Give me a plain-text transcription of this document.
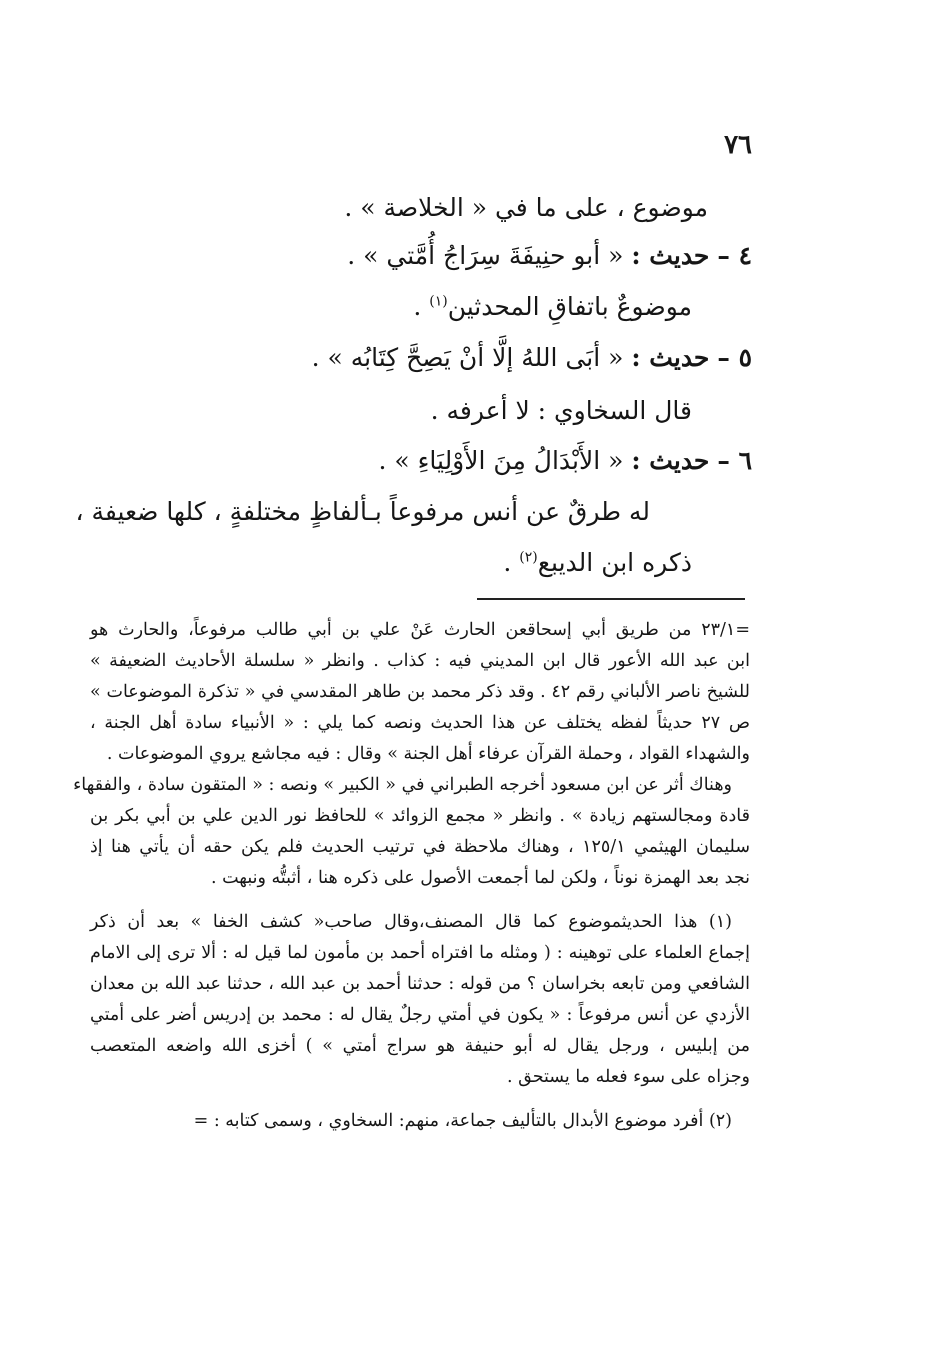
٧٦
موضوع ، على ما في « الخلاصة » .
٤ – حديث : « أبو حنِيفَةَ سِرَاجُ أُمَّتي » .
موضوعٌ باتفاقِ المحدثين$^{(١)}$ .
٥ – حديث : « أبَى اللهُ إلَّا أنْ يَصِحَّ كِتَابُه » .
قال السخاوي : لا أعرفه .
٦ – حديث : « الأَبْدَالُ مِنَ الأَوْلِيَاءِ » .
له طرقٌ عن أنس مرفوعاً بـألفاظٍ مختلفةٍ ، كلها ضعيفة ،
ذكره ابن الديبع$^{(٢)}$ .
=٢٣/١ من طريق أبي إسحاقعن الحارث عَنْ علي بن أبي طالب مرفوعاً، والحارث هو
ابن عبد الله الأعور قال ابن المديني فيه : كذاب . وانظر « سلسلة الأحاديث الضعيفة »
للشيخ ناصر الألباني رقم ٤٢ . وقد ذكر محمد بن طاهر المقدسي في « تذكرة الموضوعات »
ص ٢٧ حديثاً لفظه يختلف عن هذا الحديث ونصه كما يلي : « الأنبياء سادة أهل الجنة ،
والشهداء القواد ، وحملة القرآن عرفاء أهل الجنة » وقال : فيه مجاشع يروي الموضوعات .
وهناك أثر عن ابن مسعود أخرجه الطبراني في « الكبير » ونصه : « المتقون سادة ، والفقهاء
قادة ومجالستهم زيادة » . وانظر « مجمع الزوائد » للحافظ نور الدين علي بن أبي بكر بن
سليمان الهيثمي ١٢٥/١ ، وهناك ملاحظة في ترتيب الحديث فلم يكن حقه أن يأتي هنا إذ
نجد بعد الهمزة نوناً ، ولكن لما أجمعت الأصول على ذكره هنا ، أثبتُّه ونبهت .
(١) هذا الحديثموضوع كما قال المصنف،وقال صاحب« كشف الخفا » بعد أن ذكر
إجماع العلماء على توهينه : ( ومثله ما افتراه أحمد بن مأمون لما قيل له : ألا ترى إلى الامام
الشافعي ومن تابعه بخراسان ؟ من قوله : حدثنا أحمد بن عبد الله ، حدثنا عبد الله بن معدان
الأزدي عن أنس مرفوعاً : « يكون في أمتي رجلٌ يقال له : محمد بن إدريس أضر على أمتي
من إبليس ، ورجل يقال له أبو حنيفة هو سراج أمتي » ) أخزى الله واضعه المتعصب
وجزاه على سوء فعله ما يستحق .
(٢) أفرد موضوع الأبدال بالتأليف جماعة، منهم: السخاوي ، وسمى كتابه : =
